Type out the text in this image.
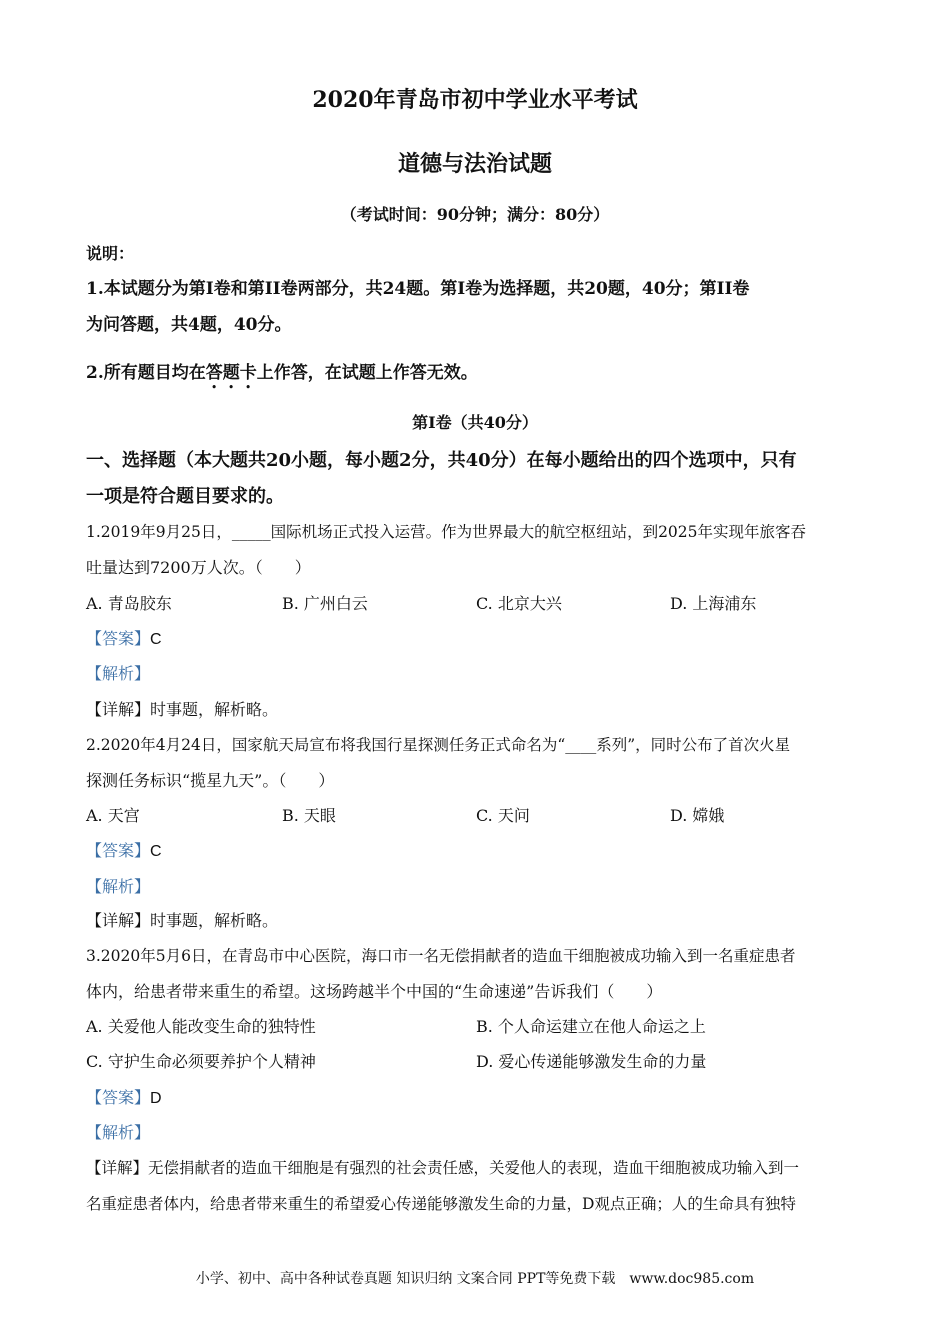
2020年青岛市初中学业水平考试
道德与法治试题
（考试时间：90分钟；满分：80分）
说明：
1.本试题分为第Ⅰ卷和第II卷两部分，共24题。第Ⅰ卷为选择题，共20题，40分；第II卷
为问答题，共4题，40分。
2.所有题目均在答题卡上作答，在试题上作答无效。
第Ⅰ卷（共40分）
一、选择题（本大题共20小题，每小题2分，共40分）在每小题给出的四个选项中，只有
一项是符合题目要求的。
1.2019年9月25日，_____国际机场正式投入运营。作为世界最大的航空枢纽站，到2025年实现年旅客吞
吐量达到7200万人次。（　　）
A. 青岛胶东	B. 广州白云	C. 北京大兴	D. 上海浦东
【答案】C
【解析】
【详解】时事题，解析略。
2.2020年4月24日，国家航天局宣布将我国行星探测任务正式命名为“____系列”，同时公布了首次火星
探测任务标识“揽星九天”。（　　）
A. 天宫	B. 天眼	C. 天问	D. 嫦娥
【答案】C
【解析】
【详解】时事题，解析略。
3.2020年5月6日，在青岛市中心医院，海口市一名无偿捐献者的造血干细胞被成功输入到一名重症患者
体内，给患者带来重生的希望。这场跨越半个中国的“生命速递”告诉我们（　　）
A. 关爱他人能改变生命的独特性	B. 个人命运建立在他人命运之上
C. 守护生命必须要养护个人精神	D. 爱心传递能够激发生命的力量
【答案】D
【解析】
【详解】无偿捐献者的造血干细胞是有强烈的社会责任感，关爱他人的表现，造血干细胞被成功输入到一
名重症患者体内，给患者带来重生的希望爱心传递能够激发生命的力量，D观点正确；人的生命具有独特
小学、初中、高中各种试卷真题 知识归纳 文案合同 PPT等免费下载　www.doc985.com
